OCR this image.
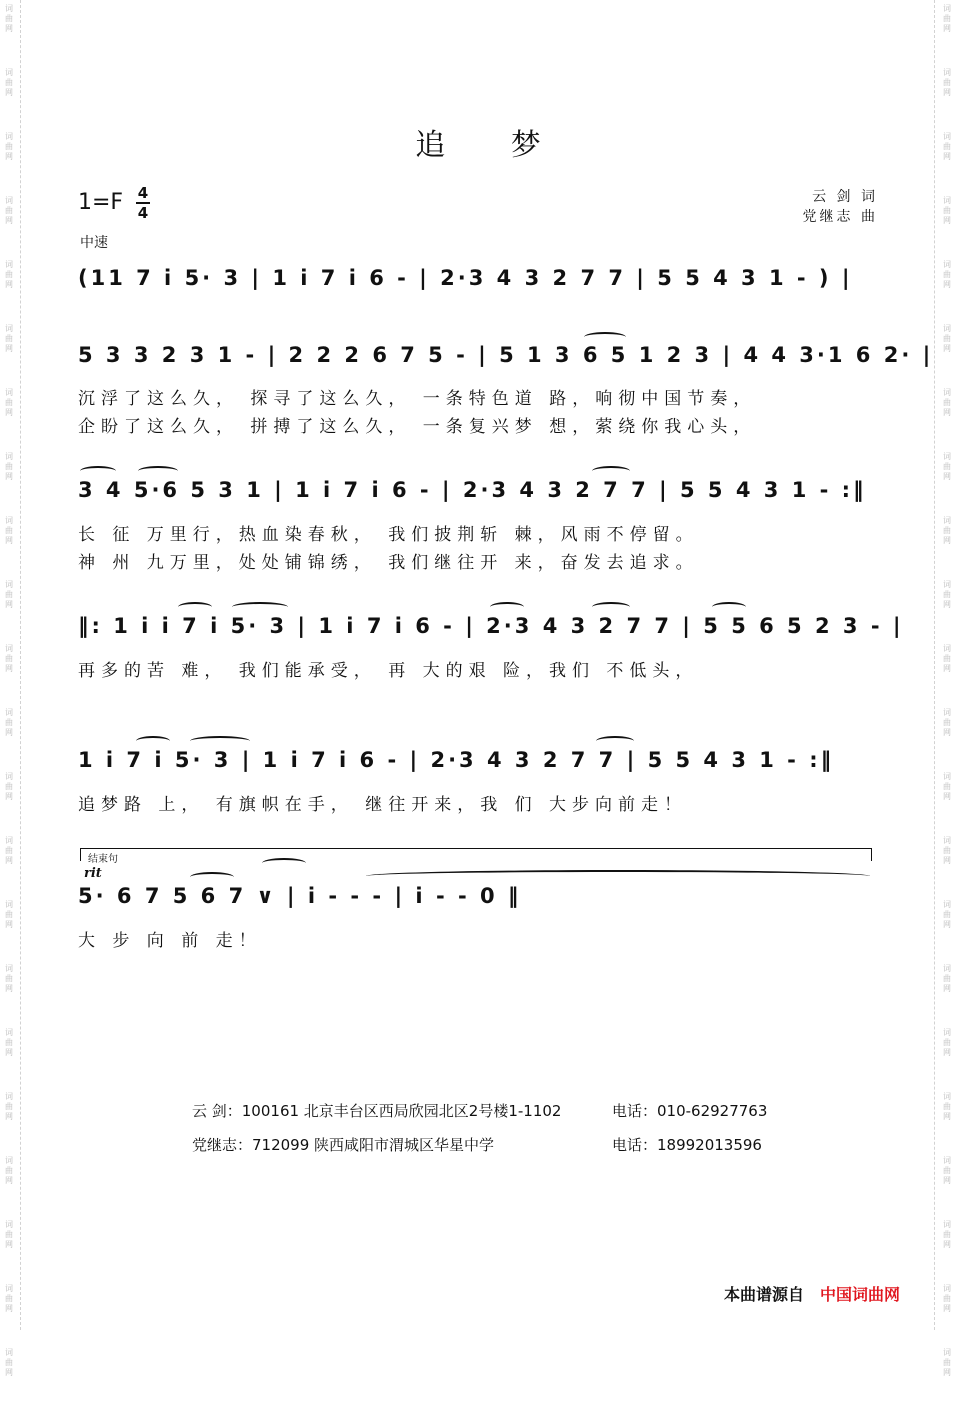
词
曲
网
词
曲
网
词
曲
网
词
曲
网
词
曲
网
词
曲
网
词
曲
网
词
曲
网
词
曲
网
词
曲
网
词
曲
网
词
曲
网
词
曲
网
词
曲
网
词
曲
网
词
曲
网
词
曲
网
词
曲
网
词
曲
网
词
曲
网
词
曲
网
词
曲
网
词
曲
网
词
曲
网
词
曲
网
词
曲
网
词
曲
网
词
曲
网
词
曲
网
词
曲
网
词
曲
网
词
曲
网
词
曲
网
词
曲
网
词
曲
网
词
曲
网
词
曲
网
词
曲
网
词
曲
网
词
曲
网
词
曲
网
词
曲
网
词
曲
网
词
曲
网
追 梦
1=F 4
4
中速
云 剑 词
党继志 曲
(11 7 i 5· 3 | 1 i 7 i 6 - | 2·3 4 3 2 7 7 | 5 5 4 3 1 - ) |
5 3 3 2 3 1 - | 2 2 2 6 7 5 - | 5 1 3 6 5 1 2 3 | 4 4 3·1 6 2· |
沉浮了这么久， 探寻了这么久， 一条特色道 路，响彻中国节奏，
企盼了这么久， 拼搏了这么久， 一条复兴梦 想，萦绕你我心头，
3 4 5·6 5 3 1 | 1 i 7 i 6 - | 2·3 4 3 2 7 7 | 5 5 4 3 1 - :‖
长 征 万里行，热血染春秋， 我们披荆斩 棘，风雨不停留。
神 州 九万里，处处铺锦绣， 我们继往开 来，奋发去追求。
‖: 1 i i 7 i 5· 3 | 1 i 7 i 6 - | 2·3 4 3 2 7 7 | 5 5 6 5 2 3 - |
再多的苦 难， 我们能承受， 再 大的艰 险，我们 不低头，
1 i 7 i 5· 3 | 1 i 7 i 6 - | 2·3 4 3 2 7 7 | 5 5 4 3 1 - :‖
追梦路 上， 有旗帜在手， 继往开来，我 们 大步向前走！
结束句
rit
5· 6 7 5 6 7 ∨ | i - - - | i - - 0 ‖
大 步 向 前 走！
云 剑：100161 北京丰台区西局欣园北区2号楼1-1102	电话：010-62927763
党继志：712099 陕西咸阳市渭城区华星中学	电话：18992013596
本曲谱源自 中国词曲网
